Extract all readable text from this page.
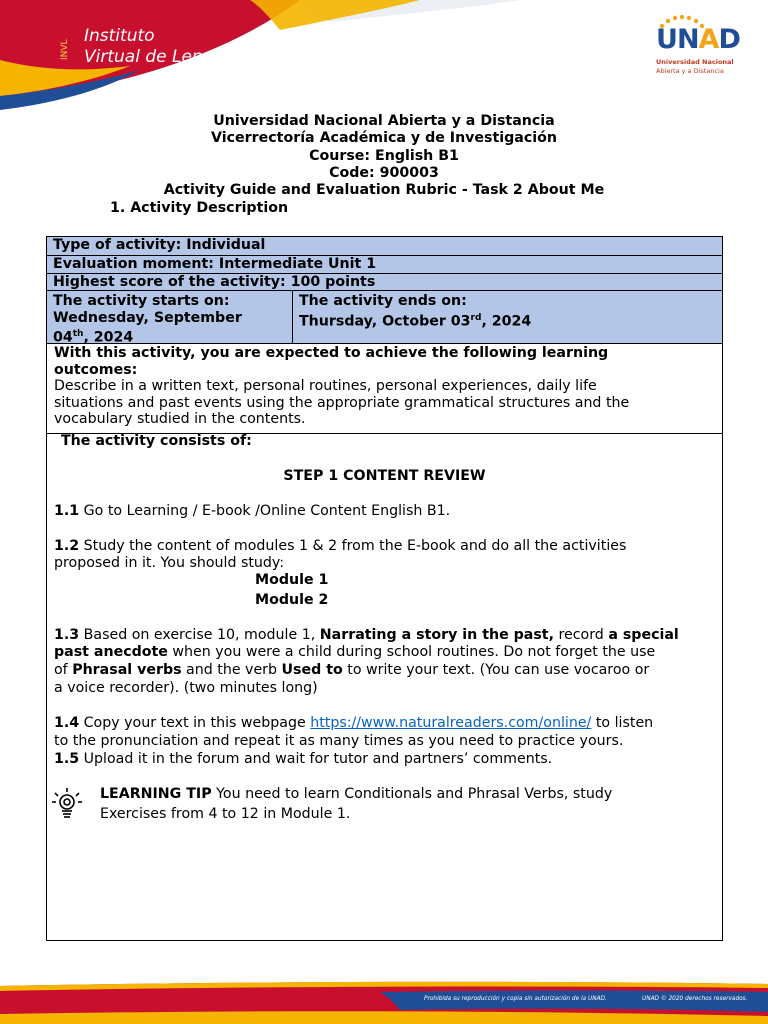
INVL
Instituto
Virtual de Lenguas
UNAD
Universidad Nacional
Abierta y a Distancia
Universidad Nacional Abierta y a Distancia
Vicerrectoría Académica y de Investigación
Course: English B1
Code: 900003
Activity Guide and Evaluation Rubric - Task 2 About Me
1. Activity Description
Type of activity: Individual
Evaluation moment: Intermediate Unit 1
Highest score of the activity: 100 points
The activity starts on:
Wednesday, September
04th, 2024
The activity ends on:
Thursday, October 03rd, 2024
With this activity, you are expected to achieve the following learning
outcomes:
Describe in a written text, personal routines, personal experiences, daily life
situations and past events using the appropriate grammatical structures and the
vocabulary studied in the contents.
The activity consists of:
STEP 1 CONTENT REVIEW
1.1 Go to Learning / E-book /Online Content English B1.
1.2 Study the content of modules 1 & 2 from the E-book and do all the activities
proposed in it. You should study:
Module 1
Module 2
1.3 Based on exercise 10, module 1, Narrating a story in the past, record a special
past anecdote when you were a child during school routines. Do not forget the use
of Phrasal verbs and the verb Used to to write your text. (You can use vocaroo or
a voice recorder). (two minutes long)
1.4 Copy your text in this webpage https://www.naturalreaders.com/online/ to listen
to the pronunciation and repeat it as many times as you need to practice yours.
1.5 Upload it in the forum and wait for tutor and partners’ comments.
LEARNING TIP You need to learn Conditionals and Phrasal Verbs, study
Exercises from 4 to 12 in Module 1.
Prohibida su reproducción y copia sin autorización de la UNAD.	UNAD © 2020 derechos reservados.
